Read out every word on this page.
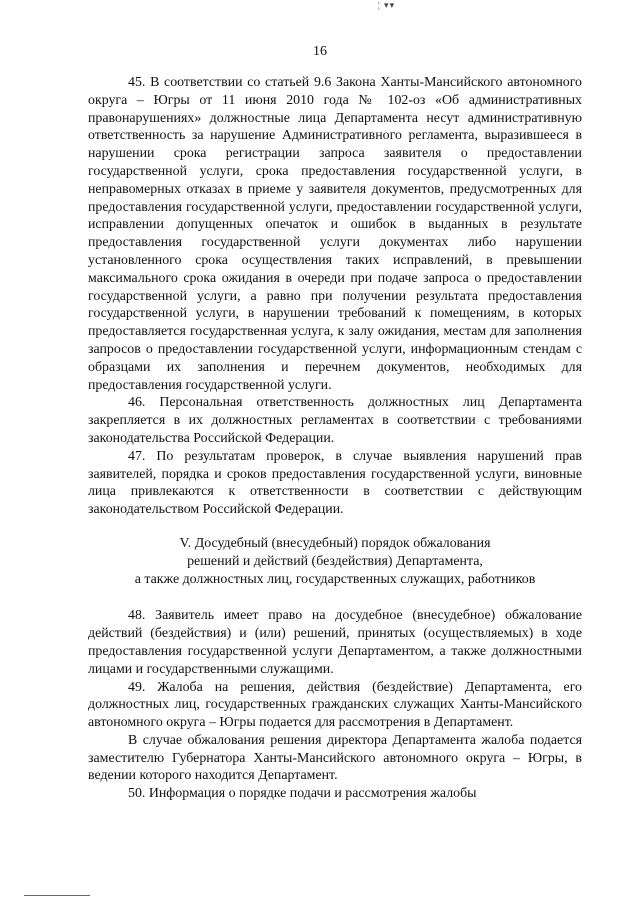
¦ ▾▾
16

45. В соответствии со статьей 9.6 Закона Ханты-Мансийского автономного округа – Югры от 11 июня 2010 года № 102-оз «Об административных правонарушениях» должностные лица Департамента несут административную ответственность за нарушение Административного регламента, выразившееся в нарушении срока регистрации запроса заявителя о предоставлении государственной услуги, срока предоставления государственной услуги, в неправомерных отказах в приеме у заявителя документов, предусмотренных для предоставления государственной услуги, предоставлении государственной услуги, исправлении допущенных опечаток и ошибок в выданных в результате предоставления государственной услуги документах либо нарушении установленного срока осуществления таких исправлений, в превышении максимального срока ожидания в очереди при подаче запроса о предоставлении государственной услуги, а равно при получении результата предоставления государственной услуги, в нарушении требований к помещениям, в которых предоставляется государственная услуга, к залу ожидания, местам для заполнения запросов о предоставлении государственной услуги, информационным стендам с образцами их заполнения и перечнем документов, необходимых для предоставления государственной услуги.

46. Персональная ответственность должностных лиц Департамента закрепляется в их должностных регламентах в соответствии с требованиями законодательства Российской Федерации.

47. По результатам проверок, в случае выявления нарушений прав заявителей, порядка и сроков предоставления государственной услуги, виновные лица привлекаются к ответственности в соответствии с действующим законодательством Российской Федерации.

V. Досудебный (внесудебный) порядок обжалования
решений и действий (бездействия) Департамента,
а также должностных лиц, государственных служащих, работников

48. Заявитель имеет право на досудебное (внесудебное) обжалование действий (бездействия) и (или) решений, принятых (осуществляемых) в ходе предоставления государственной услуги Департаментом, а также должностными лицами и государственными служащими.

49. Жалоба на решения, действия (бездействие) Департамента, его должностных лиц, государственных гражданских служащих Ханты-Мансийского автономного округа – Югры подается для рассмотрения в Департамент.

В случае обжалования решения директора Департамента жалоба подается заместителю Губернатора Ханты-Мансийского автономного округа – Югры, в ведении которого находится Департамент.

50. Информация о порядке подачи и рассмотрения жалобы
